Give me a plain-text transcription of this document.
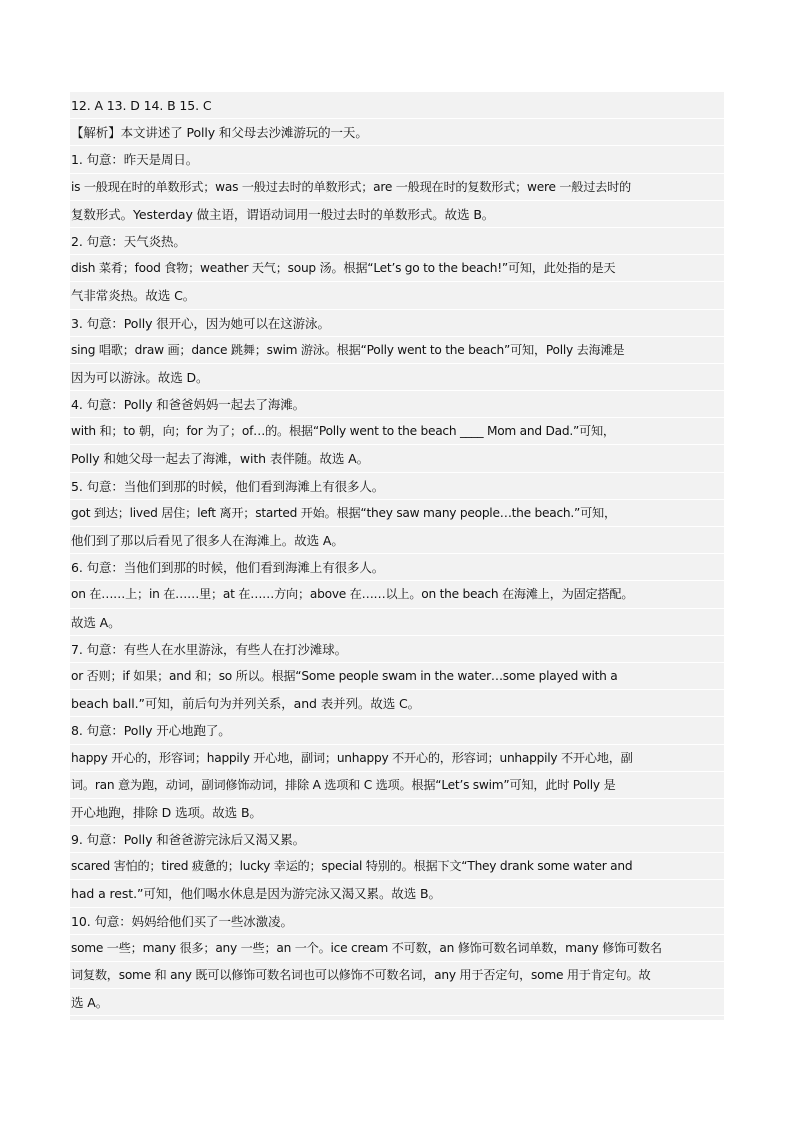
12. A 13. D 14. B 15. C
【解析】本文讲述了 Polly 和父母去沙滩游玩的一天。
1. 句意：昨天是周日。
is 一般现在时的单数形式；was 一般过去时的单数形式；are 一般现在时的复数形式；were 一般过去时的
复数形式。Yesterday 做主语，谓语动词用一般过去时的单数形式。故选 B。
2. 句意：天气炎热。
dish 菜肴；food 食物；weather 天气；soup 汤。根据“Let’s go to the beach!”可知，此处指的是天
气非常炎热。故选 C。
3. 句意：Polly 很开心，因为她可以在这游泳。
sing 唱歌；draw 画；dance 跳舞；swim 游泳。根据“Polly went to the beach”可知，Polly 去海滩是
因为可以游泳。故选 D。
4. 句意：Polly 和爸爸妈妈一起去了海滩。
with 和；to 朝，向；for 为了；of…的。根据“Polly went to the beach ____ Mom and Dad.”可知，
Polly 和她父母一起去了海滩，with 表伴随。故选 A。
5. 句意：当他们到那的时候，他们看到海滩上有很多人。
got 到达；lived 居住；left 离开；started 开始。根据“they saw many people…the beach.”可知，
他们到了那以后看见了很多人在海滩上。故选 A。
6. 句意：当他们到那的时候，他们看到海滩上有很多人。
on 在……上；in 在……里；at 在……方向；above 在……以上。on the beach 在海滩上，为固定搭配。
故选 A。
7. 句意：有些人在水里游泳，有些人在打沙滩球。
or 否则；if 如果；and 和；so 所以。根据“Some people swam in the water…some played with a
beach ball.”可知，前后句为并列关系，and 表并列。故选 C。
8. 句意：Polly 开心地跑了。
happy 开心的，形容词；happily 开心地，副词；unhappy 不开心的，形容词；unhappily 不开心地，副
词。ran 意为跑，动词，副词修饰动词，排除 A 选项和 C 选项。根据“Let’s swim”可知，此时 Polly 是
开心地跑，排除 D 选项。故选 B。
9. 句意：Polly 和爸爸游完泳后又渴又累。
scared 害怕的；tired 疲惫的；lucky 幸运的；special 特别的。根据下文“They drank some water and
had a rest.”可知，他们喝水休息是因为游完泳又渴又累。故选 B。
10. 句意：妈妈给他们买了一些冰激凌。
some 一些；many 很多；any 一些；an 一个。ice cream 不可数，an 修饰可数名词单数，many 修饰可数名
词复数，some 和 any 既可以修饰可数名词也可以修饰不可数名词，any 用于否定句，some 用于肯定句。故
选 A。
